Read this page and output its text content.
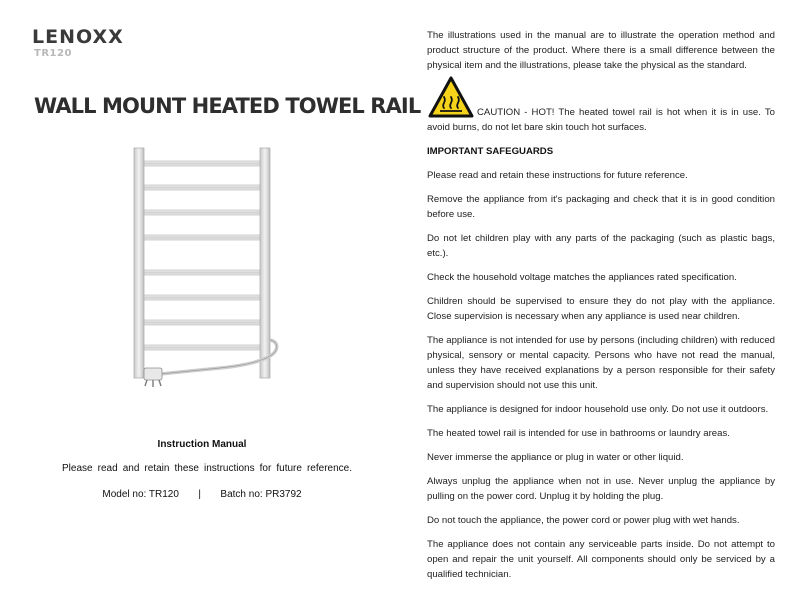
LENOXX
TR120
WALL MOUNT HEATED TOWEL RAIL
Instruction Manual
Please read and retain these instructions for future reference.
Model no: TR120       |       Batch no: PR3792

The illustrations used in the manual are to illustrate the operation method and product structure of the product. Where there is a small difference between the physical item and the illustrations, please take the physical as the standard.

CAUTION - HOT! The heated towel rail is hot when it is in use. To avoid burns, do not let bare skin touch hot surfaces.

IMPORTANT SAFEGUARDS

Please read and retain these instructions for future reference.

Remove the appliance from it's packaging and check that it is in good condition before use.

Do not let children play with any parts of the packaging (such as plastic bags, etc.).

Check the household voltage matches the appliances rated specification.

Children should be supervised to ensure they do not play with the appliance. Close supervision is necessary when any appliance is used near children.

The appliance is not intended for use by persons (including children) with reduced physical, sensory or mental capacity. Persons who have not read the manual, unless they have received explanations by a person responsible for their safety and supervision should not use this unit.

The appliance is designed for indoor household use only. Do not use it outdoors.

The heated towel rail is intended for use in bathrooms or laundry areas.

Never immerse the appliance or plug in water or other liquid.

Always unplug the appliance when not in use. Never unplug the appliance by pulling on the power cord. Unplug it by holding the plug.

Do not touch the appliance, the power cord or power plug with wet hands.

The appliance does not contain any serviceable parts inside. Do not attempt to open and repair the unit yourself. All components should only be serviced by a qualified technician.
